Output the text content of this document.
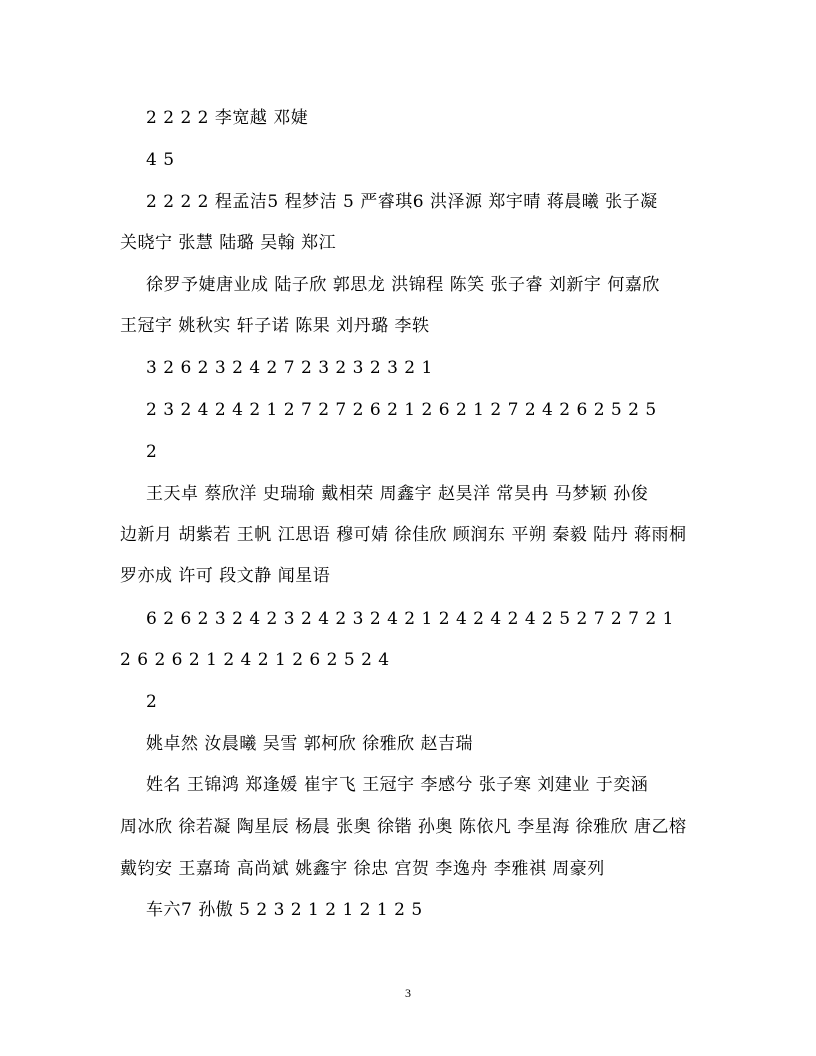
2 2 2 2 李宽越 邓婕
4 5
2 2 2 2 程孟洁5 程梦洁 5 严睿琪6 洪泽源 郑宇晴 蒋晨曦 张子凝
关晓宁 张慧 陆璐 吴翰 郑江
徐罗予婕唐业成 陆子欣 郭思龙 洪锦程 陈笑 张子睿 刘新宇 何嘉欣
王冠宇 姚秋实 轩子诺 陈果 刘丹璐 李轶
3 2 6 2 3 2 4 2 7 2 3 2 3 2 3 2 1
2 3 2 4 2 4 2 1 2 7 2 7 2 6 2 1 2 6 2 1 2 7 2 4 2 6 2 5 2 5
2
王天卓 蔡欣洋 史瑞瑜 戴相荣 周鑫宇 赵昊洋 常昊冉 马梦颖 孙俊
边新月 胡紫若 王帆 江思语 穆可婧 徐佳欣 顾润东 平朔 秦毅 陆丹 蒋雨桐
罗亦成 许可 段文静 闻星语
6 2 6 2 3 2 4 2 3 2 4 2 3 2 4 2 1 2 4 2 4 2 4 2 5 2 7 2 7 2 1
2 6 2 6 2 1 2 4 2 1 2 6 2 5 2 4
2
姚卓然 汝晨曦 吴雪 郭柯欣 徐雅欣 赵吉瑞
姓名 王锦鸿 郑逢媛 崔宇飞 王冠宇 李感兮 张子寒 刘建业 于奕涵
周冰欣 徐若凝 陶星辰 杨晨 张奥 徐锴 孙奥 陈依凡 李星海 徐雅欣 唐乙榕
戴钧安 王嘉琦 高尚斌 姚鑫宇 徐忠 宫贺 李逸舟 李雅祺 周豪列
车六7 孙傲 5 2 3 2 1 2 1 2 1 2 5
3
